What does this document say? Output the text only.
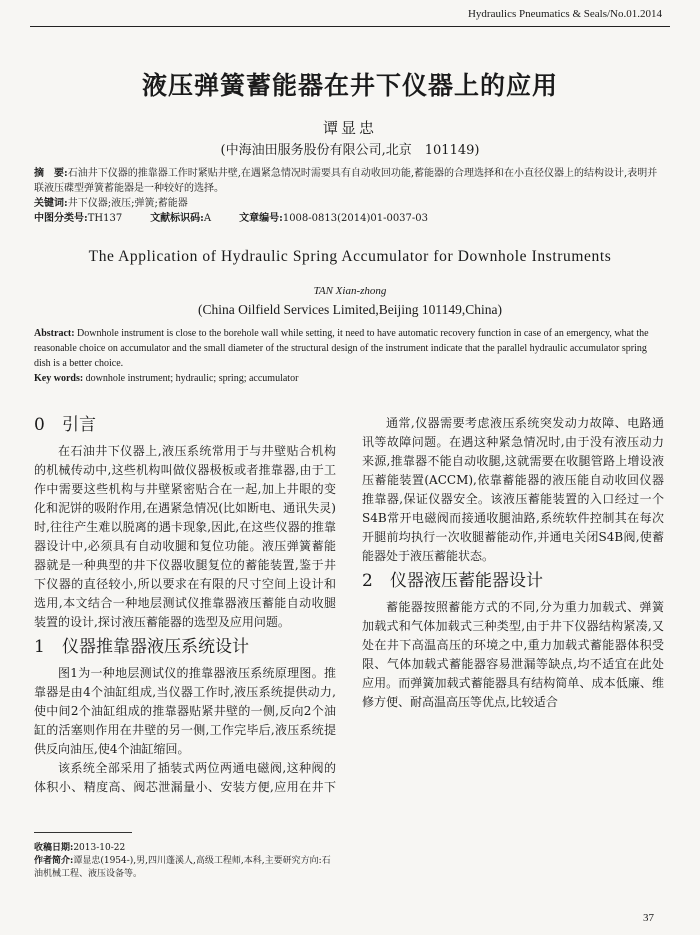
Hydraulics Pneumatics & Seals/No.01.2014
液压弹簧蓄能器在井下仪器上的应用
谭显忠
(中海油田服务股份有限公司,北京　101149)

摘　要:石油井下仪器的推靠器工作时紧贴井壁,在遇紧急情况时需要具有自动收回功能,蓄能器的合理选择和在小直径仪器上的结构设计,表明并联液压碟型弹簧蓄能器是一种较好的选择。

关键词:井下仪器;液压;弹簧;蓄能器

中图分类号:TH137	文献标识码:A	文章编号:1008-0813(2014)01-0037-03

The Application of Hydraulic Spring Accumulator for Downhole Instruments
TAN Xian-zhong
(China Oilfield Services Limited,Beijing 101149,China)

Abstract: Downhole instrument is close to the borehole wall while setting, it need to have automatic recovery function in case of an emergency, what the reasonable choice on accumulator and the small diameter of the structural design of the instrument indicate that the parallel hydraulic accumulator spring dish is a better choice.

Key words: downhole instrument; hydraulic; spring; accumulator

0 引言

在石油井下仪器上,液压系统常用于与井壁贴合机构的机械传动中,这些机构叫做仪器极板或者推靠器,由于工作中需要这些机构与井壁紧密贴合在一起,加上井眼的变化和泥饼的吸附作用,在遇紧急情况(比如断电、通讯失灵)时,往往产生难以脱离的遇卡现象,因此,在这些仪器的推靠器设计中,必须具有自动收腿和复位功能。液压弹簧蓄能器就是一种典型的井下仪器收腿复位的蓄能装置,鉴于井下仪器的直径较小,所以要求在有限的尺寸空间上设计和选用,本文结合一种地层测试仪推靠器液压蓄能自动收腿装置的设计,探讨液压蓄能器的选型及应用问题。

1 仪器推靠器液压系统设计

图1为一种地层测试仪的推靠器液压系统原理图。推靠器是由4个油缸组成,当仪器工作时,液压系统提供动力,使中间2个油缸组成的推靠器贴紧井壁的一侧,反向2个油缸的活塞则作用在井壁的另一侧,工作完毕后,液压系统提供反向油压,使4个油缸缩回。

该系统全部采用了插装式两位两通电磁阀,这种阀的体积小、精度高、阀芯泄漏量小、安装方便,应用在井下

通常,仪器需要考虑液压系统突发动力故障、电路通讯等故障问题。在遇这种紧急情况时,由于没有液压动力来源,推靠器不能自动收腿,这就需要在收腿管路上增设液压蓄能装置(ACCM),依靠蓄能器的液压能自动收回仪器推靠器,保证仪器安全。该液压蓄能装置的入口经过一个S4B常开电磁阀而接通收腿油路,系统软件控制其在每次开腿前均执行一次收腿蓄能动作,并通电关闭S4B阀,使蓄能器处于液压蓄能状态。

2 仪器液压蓄能器设计

蓄能器按照蓄能方式的不同,分为重力加载式、弹簧加载式和气体加载式三种类型,由于井下仪器结构紧凑,又处在井下高温高压的环境之中,重力加载式蓄能器体积受限、气体加载式蓄能器容易泄漏等缺点,均不适宜在此处应用。而弹簧加载式蓄能器具有结构简单、成本低廉、维修方便、耐高温高压等优点,比较适合

收稿日期:2013-10-22

作者简介:谭显忠(1954-),男,四川蓬溪人,高级工程师,本科,主要研究方向:石油机械工程、液压设备等。

37
